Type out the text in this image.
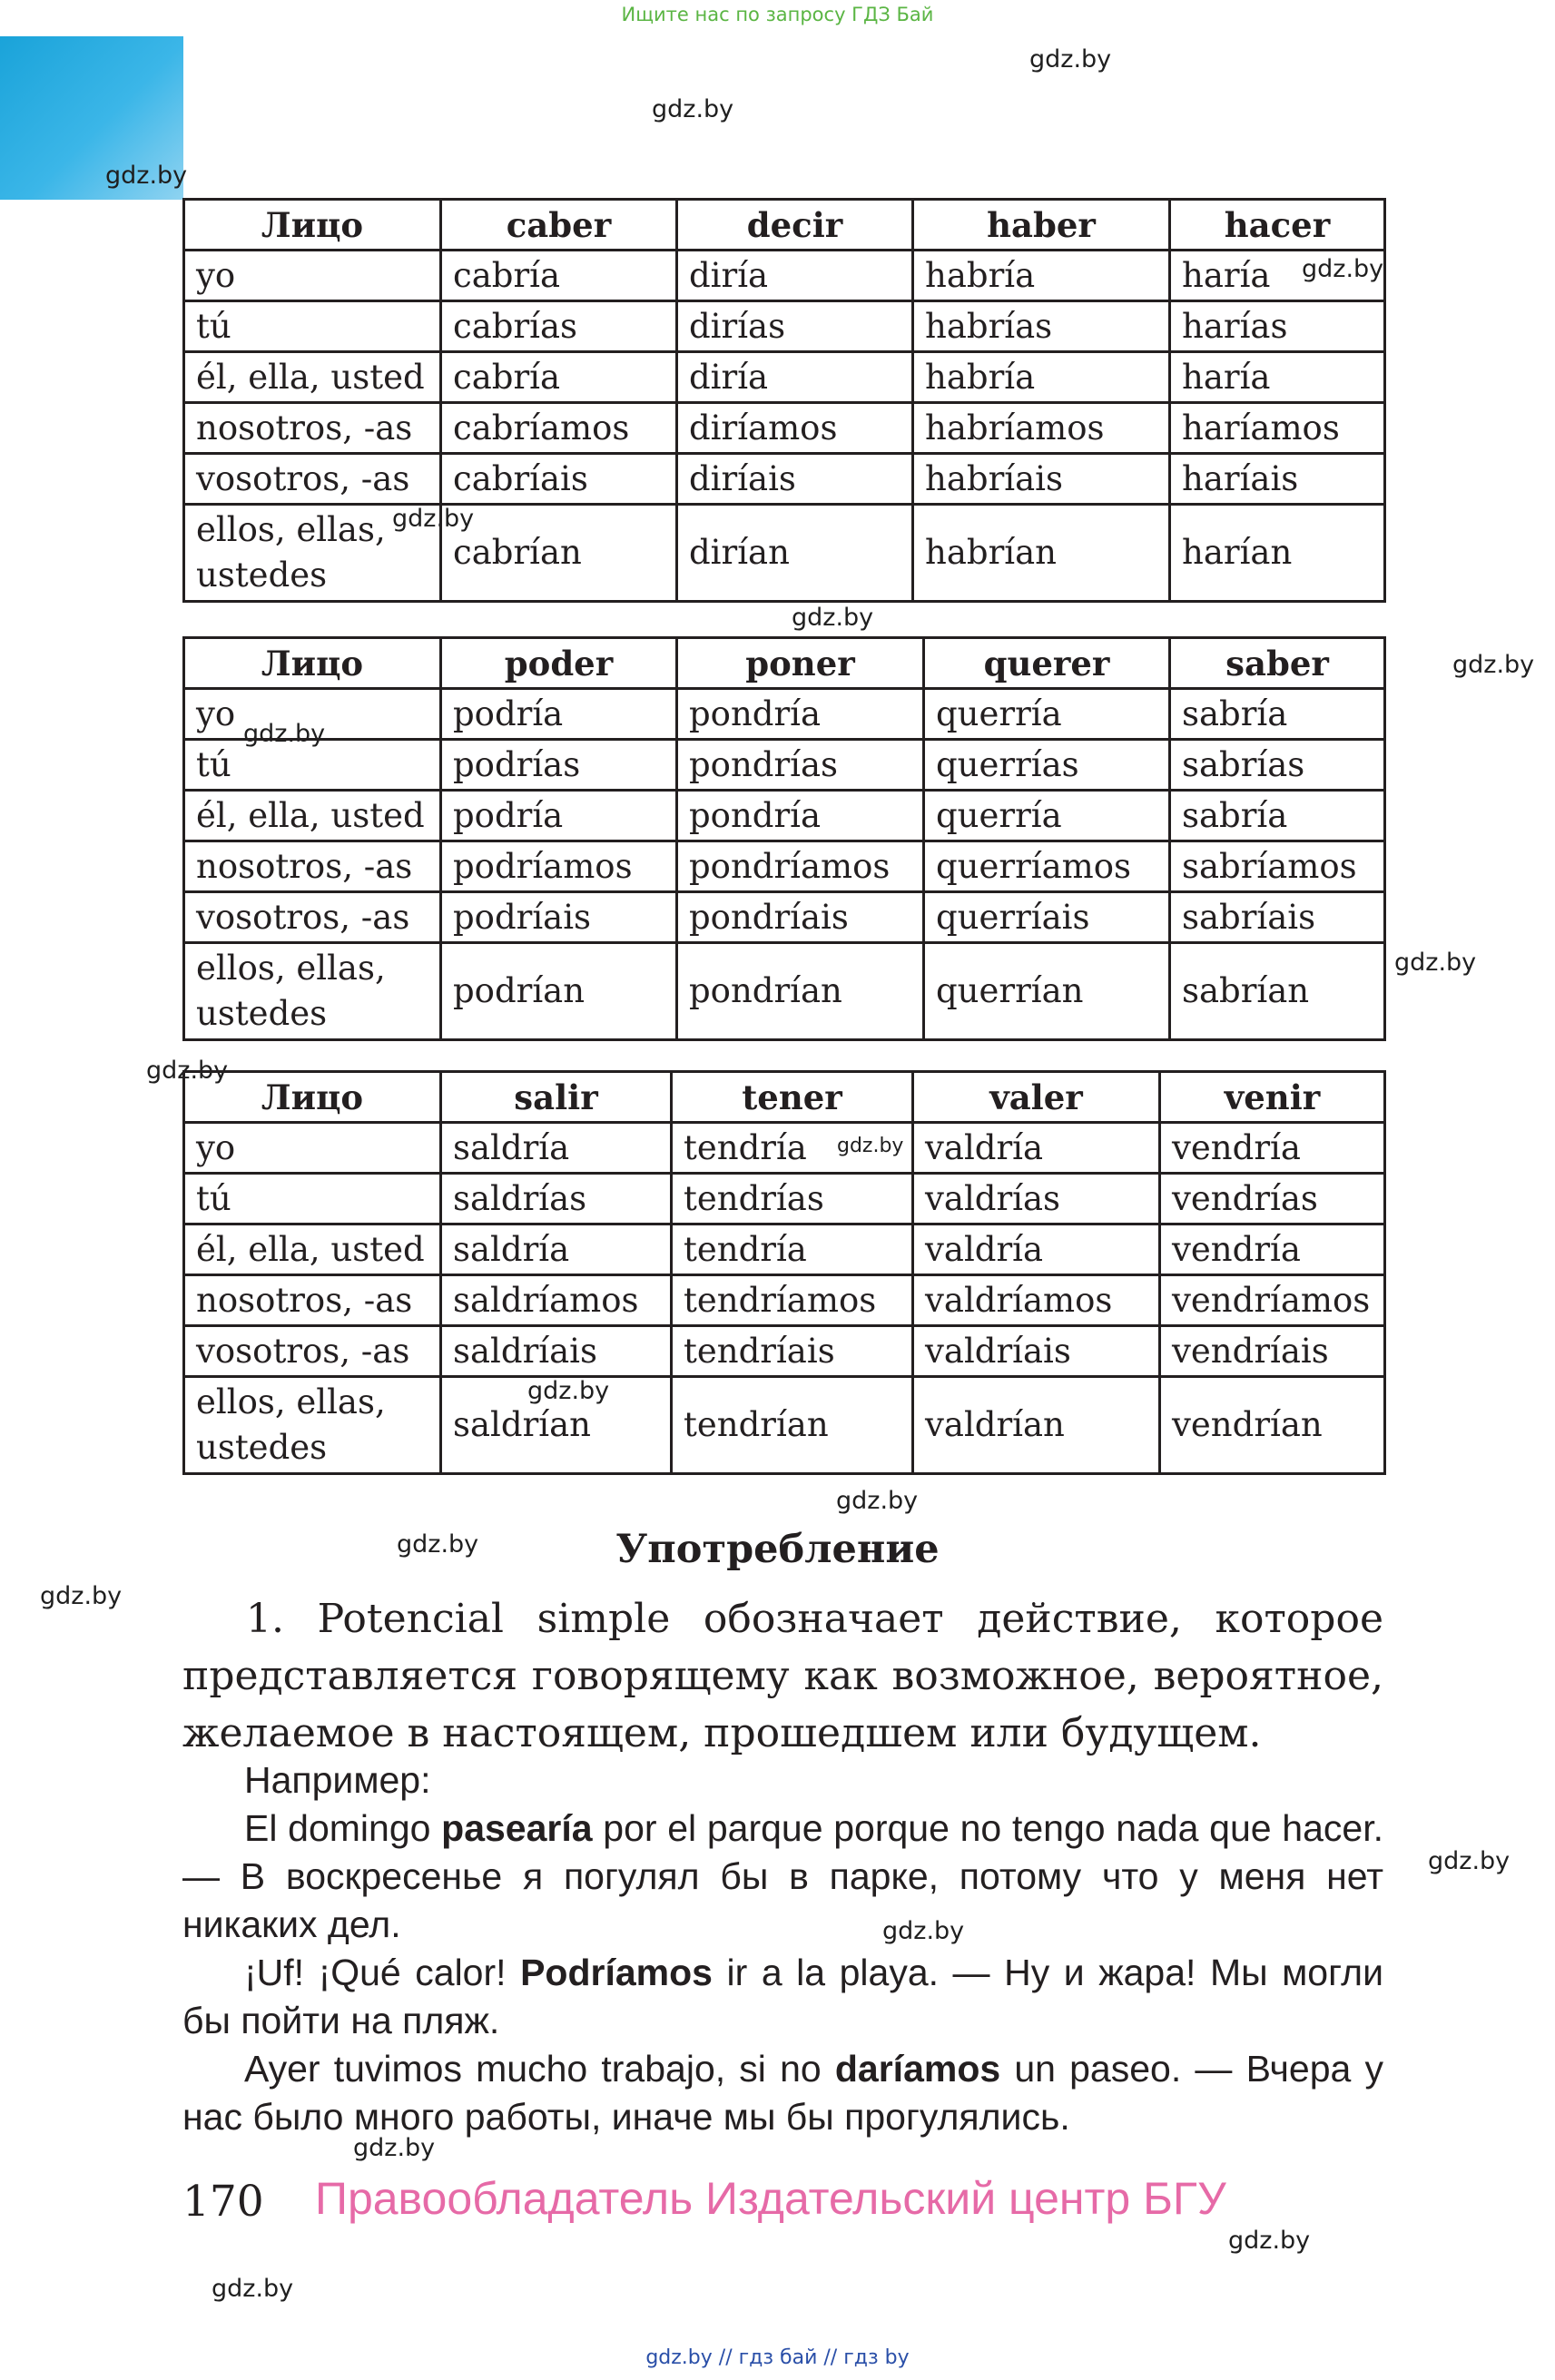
Ищите нас по запросу ГДЗ Бай
gdz.by
gdz.by
gdz.by
gdz.by
gdz.by
gdz.by
gdz.by
gdz.by
gdz.by
gdz.by
gdz.by
gdz.by
gdz.by
gdz.by
gdz.by
gdz.by
gdz.by
gdz.by
gdz.by
gdz.by
Лицо	caber	decir	haber	hacer
yo	cabría	diría	habría	haría
tú	cabrías	dirías	habrías	harías
él, ella, usted	cabría	diría	habría	haría
nosotros, -as	cabríamos	diríamos	habríamos	haríamos
vosotros, -as	cabríais	diríais	habríais	haríais
ellos, ellas, ustedes	cabrían	dirían	habrían	harían
Лицо	poder	poner	querer	saber
yo	podría	pondría	querría	sabría
tú	podrías	pondrías	querrías	sabrías
él, ella, usted	podría	pondría	querría	sabría
nosotros, -as	podríamos	pondríamos	querríamos	sabríamos
vosotros, -as	podríais	pondríais	querríais	sabríais
ellos, ellas, ustedes	podrían	pondrían	querrían	sabrían
Лицо	salir	tener	valer	venir
yo	saldría	tendría	valdría	vendría
tú	saldrías	tendrías	valdrías	vendrías
él, ella, usted	saldría	tendría	valdría	vendría
nosotros, -as	saldríamos	tendríamos	valdríamos	vendríamos
vosotros, -as	saldríais	tendríais	valdríais	vendríais
ellos, ellas, ustedes	saldrían	tendrían	valdrían	vendrían
Употребление

1. Potencial simple обозначает действие, которое представляется говорящему как возможное, вероятное, желаемое в настоящем, прошедшем или будущем.

Например:

El domingo pasearía por el parque porque no tengo nada que hacer. — В воскресенье я погулял бы в парке, потому что у меня нет никаких дел.

¡Uf! ¡Qué calor! Podríamos ir a la playa. — Ну и жара! Мы могли бы пойти на пляж.

Ayer tuvimos mucho trabajo, si no daríamos un paseo. — Вчера у нас было много работы, иначе мы бы прогулялись.

170 Правообладатель Издательский центр БГУ
gdz.by // гдз бай // гдз by
